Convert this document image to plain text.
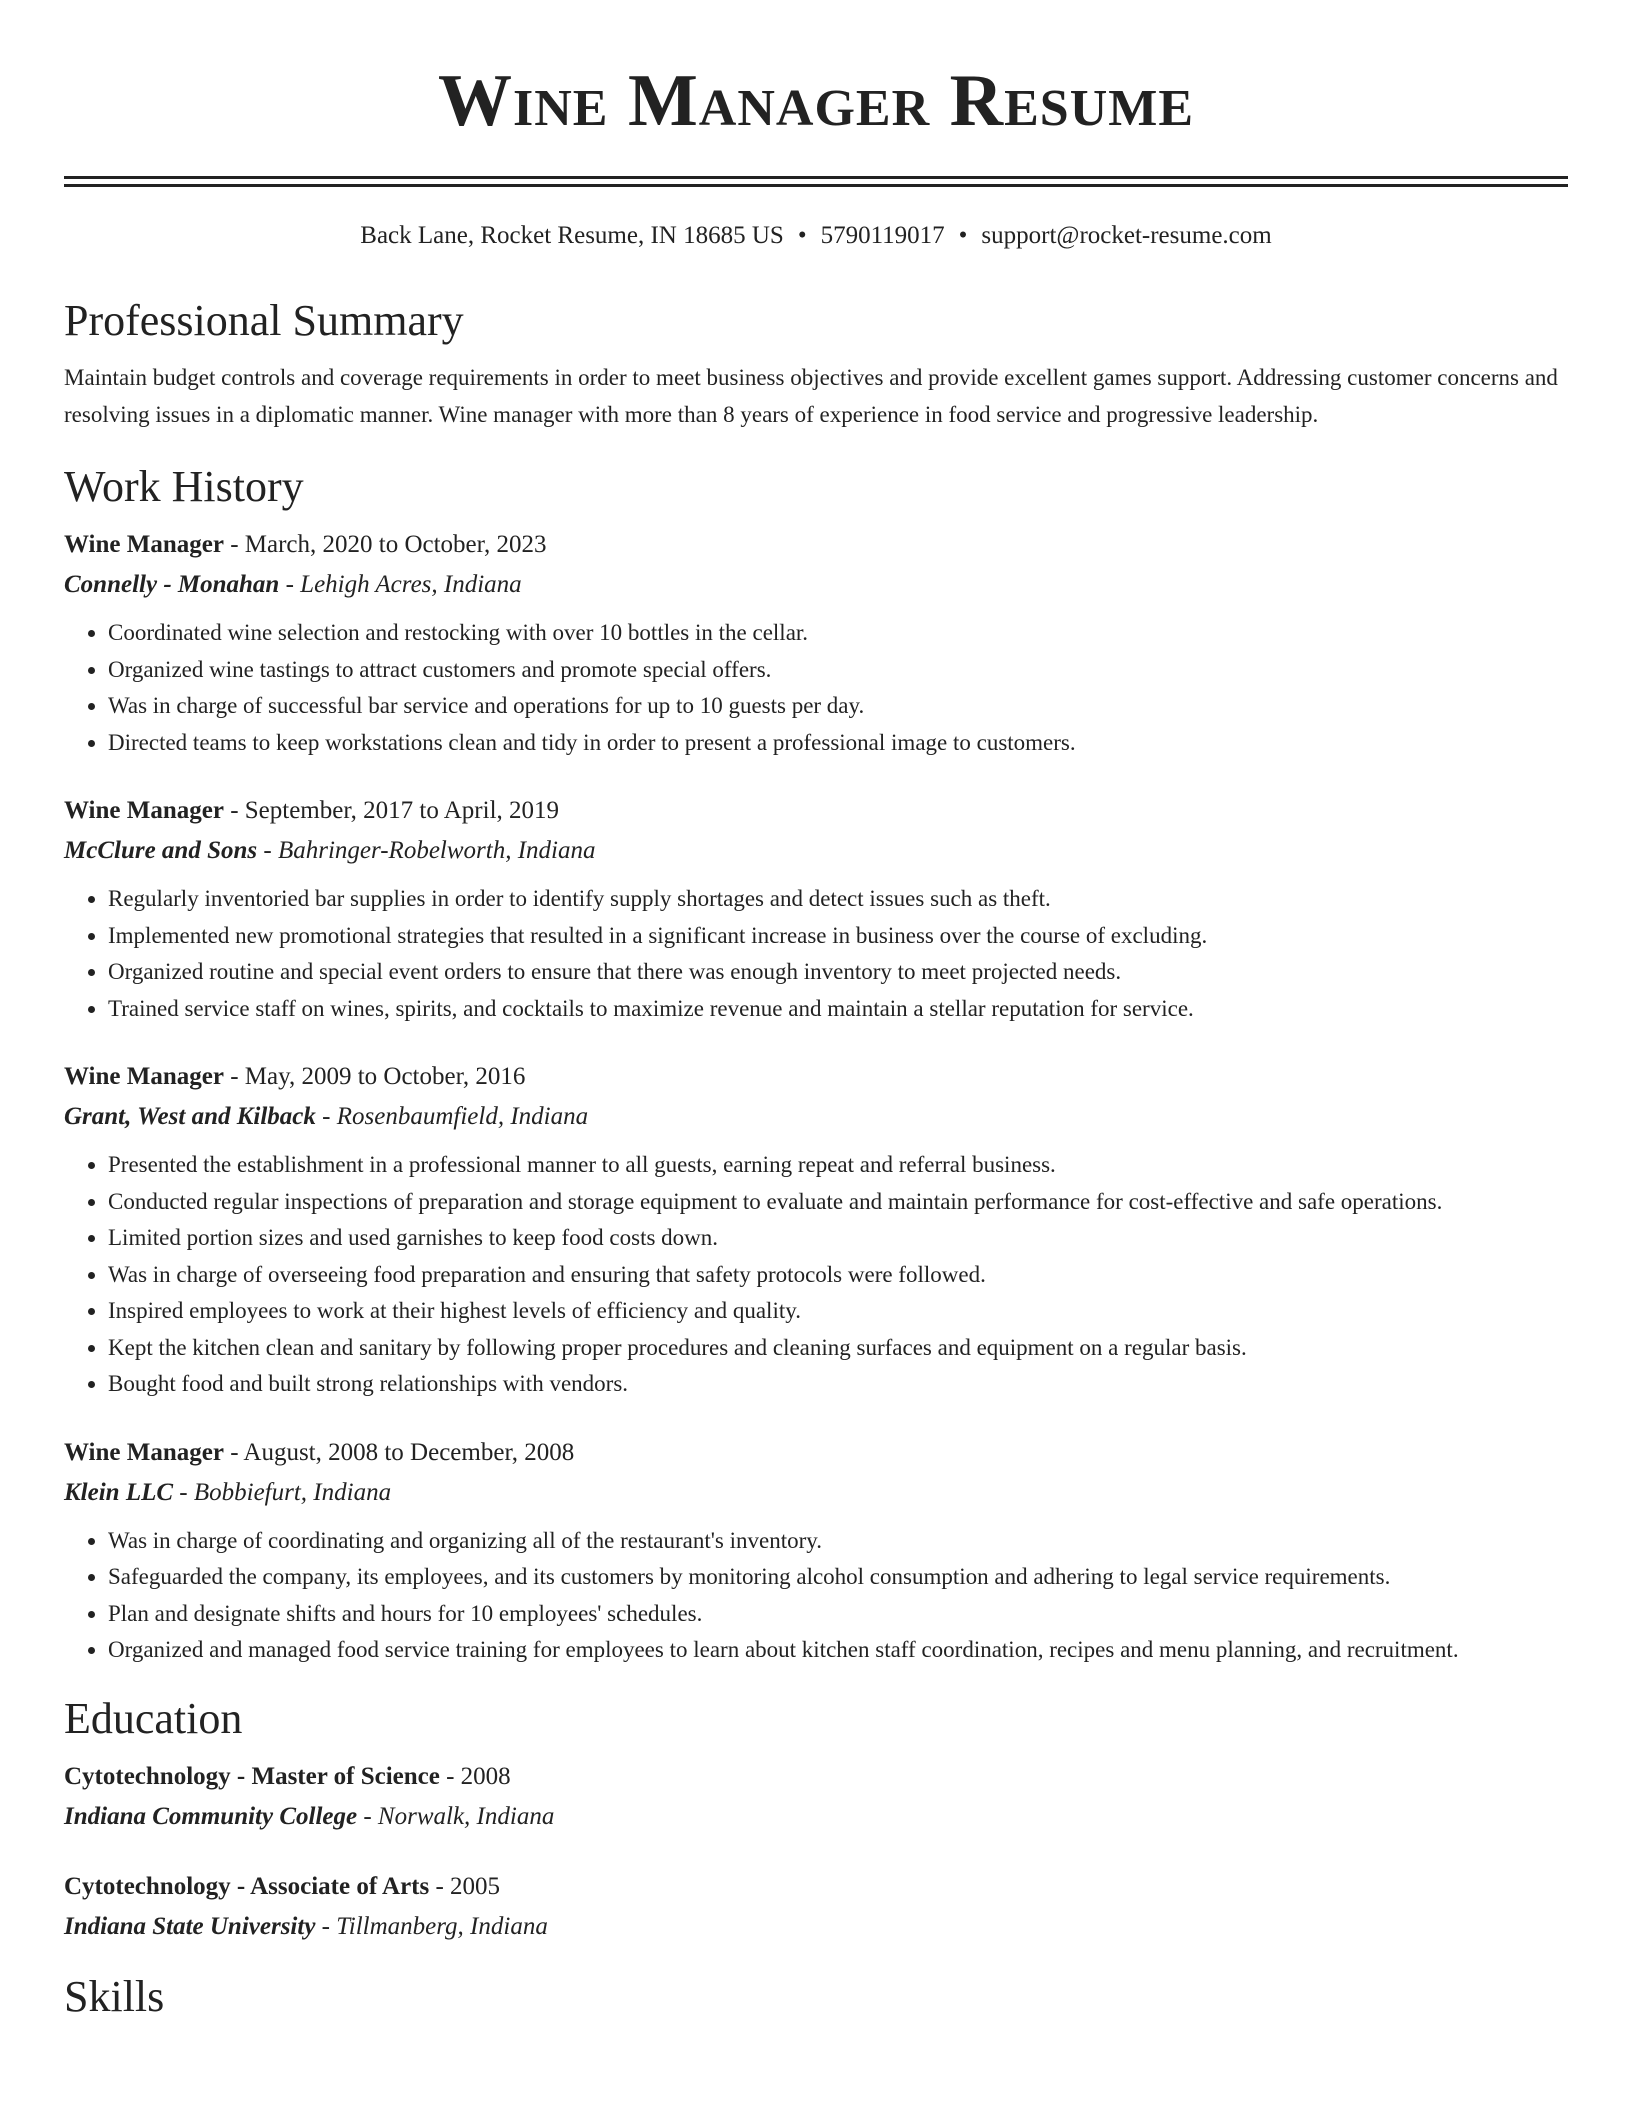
Wine Manager Resume
Back Lane, Rocket Resume, IN 18685 US • 5790119017 • support@rocket-resume.com
Professional Summary
Maintain budget controls and coverage requirements in order to meet business objectives and provide excellent games support. Addressing customer concerns and resolving issues in a diplomatic manner. Wine manager with more than 8 years of experience in food service and progressive leadership.
Work History
Wine Manager - March, 2020 to October, 2023
Connelly - Monahan - Lehigh Acres, Indiana
• Coordinated wine selection and restocking with over 10 bottles in the cellar.
• Organized wine tastings to attract customers and promote special offers.
• Was in charge of successful bar service and operations for up to 10 guests per day.
• Directed teams to keep workstations clean and tidy in order to present a professional image to customers.
Wine Manager - September, 2017 to April, 2019
McClure and Sons - Bahringer-Robelworth, Indiana
• Regularly inventoried bar supplies in order to identify supply shortages and detect issues such as theft.
• Implemented new promotional strategies that resulted in a significant increase in business over the course of excluding.
• Organized routine and special event orders to ensure that there was enough inventory to meet projected needs.
• Trained service staff on wines, spirits, and cocktails to maximize revenue and maintain a stellar reputation for service.
Wine Manager - May, 2009 to October, 2016
Grant, West and Kilback - Rosenbaumfield, Indiana
• Presented the establishment in a professional manner to all guests, earning repeat and referral business.
• Conducted regular inspections of preparation and storage equipment to evaluate and maintain performance for cost-effective and safe operations.
• Limited portion sizes and used garnishes to keep food costs down.
• Was in charge of overseeing food preparation and ensuring that safety protocols were followed.
• Inspired employees to work at their highest levels of efficiency and quality.
• Kept the kitchen clean and sanitary by following proper procedures and cleaning surfaces and equipment on a regular basis.
• Bought food and built strong relationships with vendors.
Wine Manager - August, 2008 to December, 2008
Klein LLC - Bobbiefurt, Indiana
• Was in charge of coordinating and organizing all of the restaurant's inventory.
• Safeguarded the company, its employees, and its customers by monitoring alcohol consumption and adhering to legal service requirements.
• Plan and designate shifts and hours for 10 employees' schedules.
• Organized and managed food service training for employees to learn about kitchen staff coordination, recipes and menu planning, and recruitment.
Education
Cytotechnology - Master of Science - 2008
Indiana Community College - Norwalk, Indiana
Cytotechnology - Associate of Arts - 2005
Indiana State University - Tillmanberg, Indiana
Skills
